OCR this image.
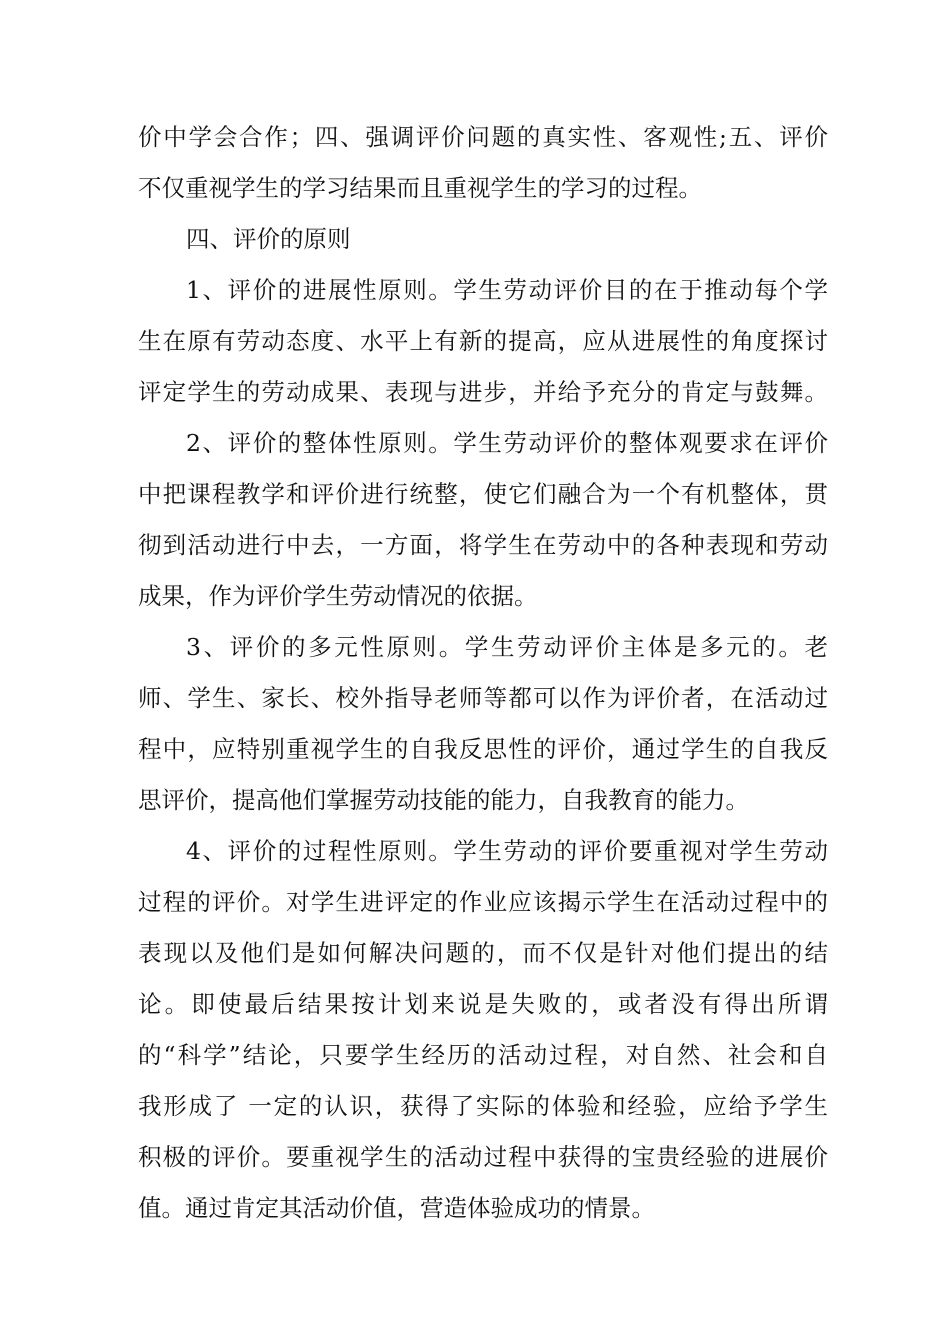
价中学会合作；四、强调评价问题的真实性、客观性;五、评价
不仅重视学生的学习结果而且重视学生的学习的过程。
四、评价的原则
1、评价的进展性原则。学生劳动评价目的在于推动每个学
生在原有劳动态度、水平上有新的提高，应从进展性的角度探讨
评定学生的劳动成果、表现与进步，并给予充分的肯定与鼓舞。
2、评价的整体性原则。学生劳动评价的整体观要求在评价
中把课程教学和评价进行统整，使它们融合为一个有机整体，贯
彻到活动进行中去，一方面，将学生在劳动中的各种表现和劳动
成果，作为评价学生劳动情况的依据。
3、评价的多元性原则。学生劳动评价主体是多元的。老
师、学生、家长、校外指导老师等都可以作为评价者，在活动过
程中，应特别重视学生的自我反思性的评价，通过学生的自我反
思评价，提高他们掌握劳动技能的能力，自我教育的能力。
4、评价的过程性原则。学生劳动的评价要重视对学生劳动
过程的评价。对学生进评定的作业应该揭示学生在活动过程中的
表现以及他们是如何解决问题的，而不仅是针对他们提出的结
论。即使最后结果按计划来说是失败的，或者没有得出所谓
的“科学”结论，只要学生经历的活动过程，对自然、社会和自
我形成了 一定的认识，获得了实际的体验和经验，应给予学生
积极的评价。要重视学生的活动过程中获得的宝贵经验的进展价
值。通过肯定其活动价值，营造体验成功的情景。
